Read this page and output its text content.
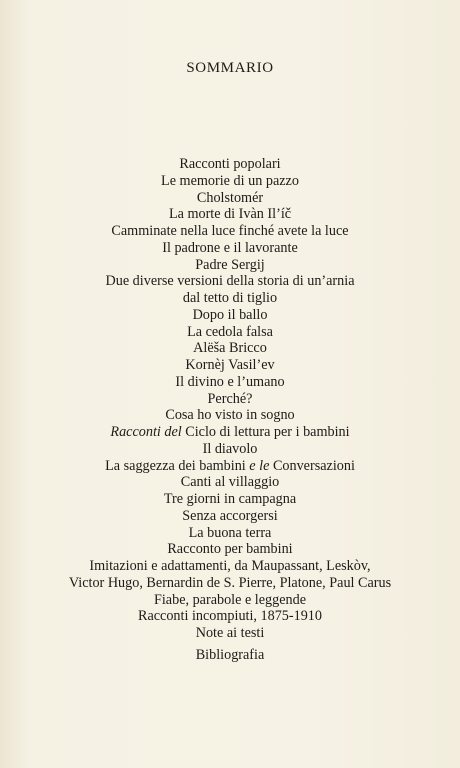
SOMMARIO
Racconti popolari
Le memorie di un pazzo
Cholstomér
La morte di Ivàn Il’íč
Camminate nella luce finché avete la luce
Il padrone e il lavorante
Padre Sergij
Due diverse versioni della storia di un’arnia
dal tetto di tiglio
Dopo il ballo
La cedola falsa
Alëša Bricco
Kornèj Vasil’ev
Il divino e l’umano
Perché?
Cosa ho visto in sogno
Racconti del Ciclo di lettura per i bambini
Il diavolo
La saggezza dei bambini e le Conversazioni
Canti al villaggio
Tre giorni in campagna
Senza accorgersi
La buona terra
Racconto per bambini
Imitazioni e adattamenti, da Maupassant, Leskòv,
Victor Hugo, Bernardin de S. Pierre, Platone, Paul Carus
Fiabe, parabole e leggende
Racconti incompiuti, 1875-1910
Note ai testi
Bibliografia
